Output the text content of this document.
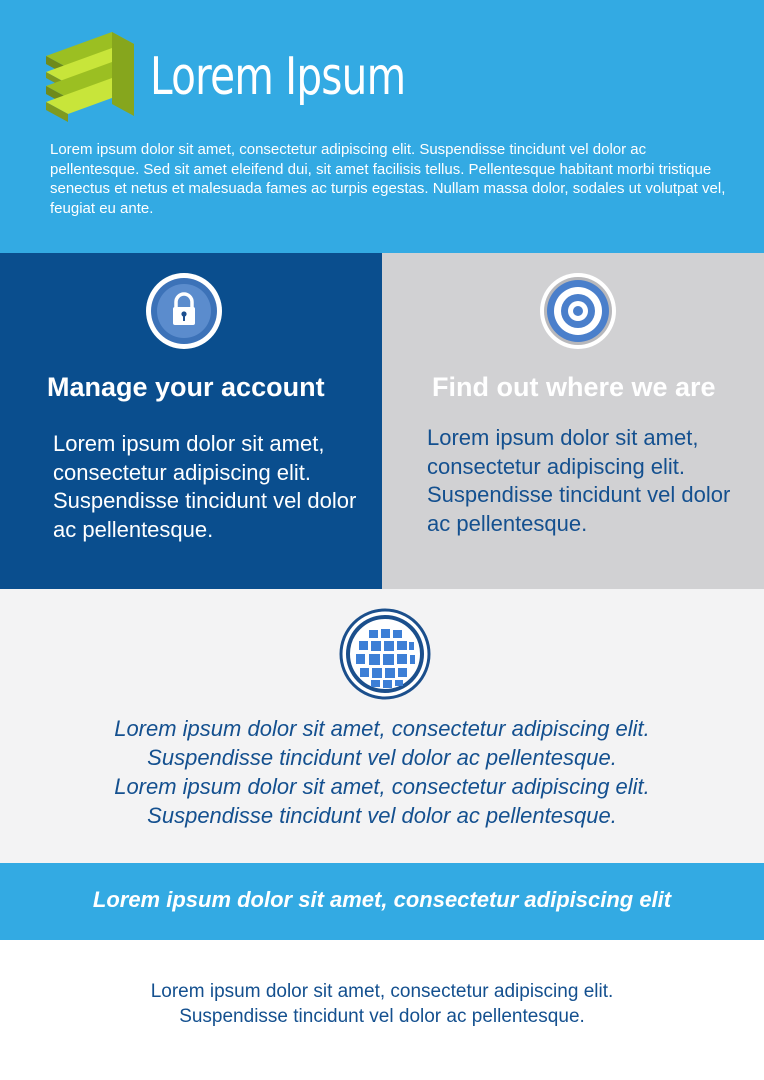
Lorem Ipsum

Lorem ipsum dolor sit amet, consectetur adipiscing elit. Suspendisse tincidunt vel dolor ac pellentesque. Sed sit amet eleifend dui, sit amet facilisis tellus. Pellentesque habitant morbi tristique senectus et netus et malesuada fames ac turpis egestas. Nullam massa dolor, sodales ut volutpat vel, feugiat eu ante.

Manage your account

Lorem ipsum dolor sit amet, consectetur adipiscing elit. Suspendisse tincidunt vel dolor ac pellentesque.

Find out where we are

Lorem ipsum dolor sit amet, consectetur adipiscing elit. Suspendisse tincidunt vel dolor ac pellentesque.

Lorem ipsum dolor sit amet, consectetur adipiscing elit.
Suspendisse tincidunt vel dolor ac pellentesque.
Lorem ipsum dolor sit amet, consectetur adipiscing elit.
Suspendisse tincidunt vel dolor ac pellentesque.
Lorem ipsum dolor sit amet, consectetur adipiscing elit
Lorem ipsum dolor sit amet, consectetur adipiscing elit.
Suspendisse tincidunt vel dolor ac pellentesque.
